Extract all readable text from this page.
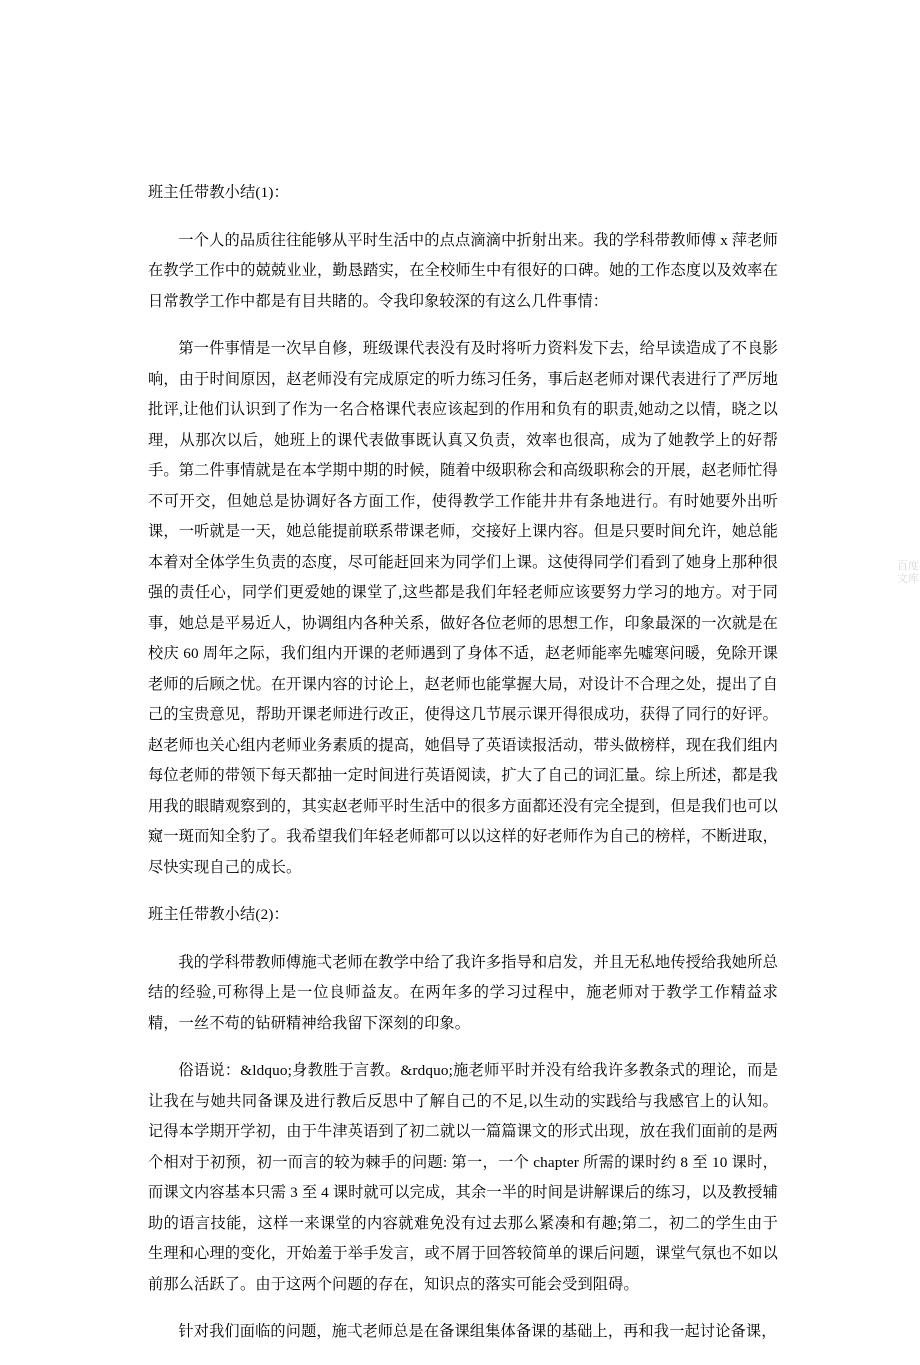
班主任带教小结(1)：

一个人的品质往往能够从平时生活中的点点滴滴中折射出来。我的学科带教师傅 x 萍老师在教学工作中的兢兢业业，勤恳踏实，在全校师生中有很好的口碑。她的工作态度以及效率在日常教学工作中都是有目共睹的。令我印象较深的有这么几件事情：

第一件事情是一次早自修，班级课代表没有及时将听力资料发下去，给早读造成了不良影响，由于时间原因，赵老师没有完成原定的听力练习任务，事后赵老师对课代表进行了严厉地批评,让他们认识到了作为一名合格课代表应该起到的作用和负有的职责,她动之以情，晓之以理，从那次以后，她班上的课代表做事既认真又负责，效率也很高，成为了她教学上的好帮手。第二件事情就是在本学期中期的时候，随着中级职称会和高级职称会的开展，赵老师忙得不可开交，但她总是协调好各方面工作，使得教学工作能井井有条地进行。有时她要外出听课，一听就是一天，她总能提前联系带课老师，交接好上课内容。但是只要时间允许，她总能本着对全体学生负责的态度，尽可能赶回来为同学们上课。这使得同学们看到了她身上那种很强的责任心，同学们更爱她的课堂了,这些都是我们年轻老师应该要努力学习的地方。对于同事，她总是平易近人，协调组内各种关系，做好各位老师的思想工作，印象最深的一次就是在校庆 60 周年之际，我们组内开课的老师遇到了身体不适，赵老师能率先嘘寒问暖，免除开课老师的后顾之忧。在开课内容的讨论上，赵老师也能掌握大局，对设计不合理之处，提出了自己的宝贵意见，帮助开课老师进行改正，使得这几节展示课开得很成功，获得了同行的好评。赵老师也关心组内老师业务素质的提高，她倡导了英语读报活动，带头做榜样，现在我们组内每位老师的带领下每天都抽一定时间进行英语阅读，扩大了自己的词汇量。综上所述，都是我用我的眼睛观察到的，其实赵老师平时生活中的很多方面都还没有完全提到，但是我们也可以窥一斑而知全豹了。我希望我们年轻老师都可以以这样的好老师作为自己的榜样，不断进取，尽快实现自己的成长。

班主任带教小结(2)：

我的学科带教师傅施弌老师在教学中给了我许多指导和启发，并且无私地传授给我她所总结的经验,可称得上是一位良师益友。在两年多的学习过程中，施老师对于教学工作精益求精，一丝不苟的钻研精神给我留下深刻的印象。

俗语说：&ldquo;身教胜于言教。&rdquo;施老师平时并没有给我许多教条式的理论，而是让我在与她共同备课及进行教后反思中了解自己的不足,以生动的实践给与我感官上的认知。记得本学期开学初，由于牛津英语到了初二就以一篇篇课文的形式出现，放在我们面前的是两个相对于初预，初一而言的较为棘手的问题: 第一，一个 chapter 所需的课时约 8 至 10 课时，而课文内容基本只需 3 至 4 课时就可以完成，其余一半的时间是讲解课后的练习，以及教授辅助的语言技能，这样一来课堂的内容就难免没有过去那么紧凑和有趣;第二，初二的学生由于生理和心理的变化，开始羞于举手发言，或不屑于回答较简单的课后问题，课堂气氛也不如以前那么活跃了。由于这两个问题的存在，知识点的落实可能会受到阻碍。

针对我们面临的问题，施弌老师总是在备课组集体备课的基础上，再和我一起讨论备课，

百度文库
